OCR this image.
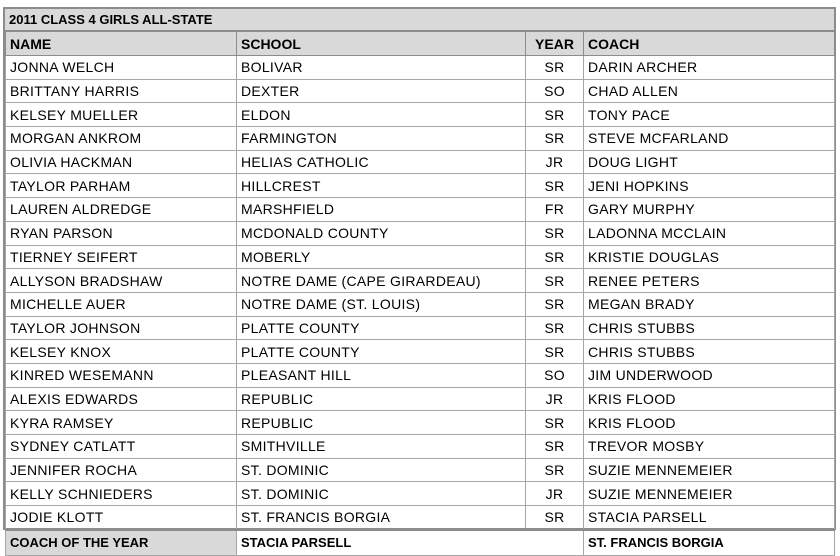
2011 CLASS 4 GIRLS ALL-STATE
NAME	SCHOOL	YEAR	COACH
JONNA WELCH	BOLIVAR	SR	DARIN ARCHER
BRITTANY HARRIS	DEXTER	SO	CHAD ALLEN
KELSEY MUELLER	ELDON	SR	TONY PACE
MORGAN ANKROM	FARMINGTON	SR	STEVE MCFARLAND
OLIVIA HACKMAN	HELIAS CATHOLIC	JR	DOUG LIGHT
TAYLOR PARHAM	HILLCREST	SR	JENI HOPKINS
LAUREN ALDREDGE	MARSHFIELD	FR	GARY MURPHY
RYAN PARSON	MCDONALD COUNTY	SR	LADONNA MCCLAIN
TIERNEY SEIFERT	MOBERLY	SR	KRISTIE DOUGLAS
ALLYSON BRADSHAW	NOTRE DAME (CAPE GIRARDEAU)	SR	RENEE PETERS
MICHELLE AUER	NOTRE DAME (ST. LOUIS)	SR	MEGAN BRADY
TAYLOR JOHNSON	PLATTE COUNTY	SR	CHRIS STUBBS
KELSEY KNOX	PLATTE COUNTY	SR	CHRIS STUBBS
KINRED WESEMANN	PLEASANT HILL	SO	JIM UNDERWOOD
ALEXIS EDWARDS	REPUBLIC	JR	KRIS FLOOD
KYRA RAMSEY	REPUBLIC	SR	KRIS FLOOD
SYDNEY CATLATT	SMITHVILLE	SR	TREVOR MOSBY
JENNIFER ROCHA	ST. DOMINIC	SR	SUZIE MENNEMEIER
KELLY SCHNIEDERS	ST. DOMINIC	JR	SUZIE MENNEMEIER
JODIE KLOTT	ST. FRANCIS BORGIA	SR	STACIA PARSELL
COACH OF THE YEAR	STACIA PARSELL		ST. FRANCIS BORGIA
